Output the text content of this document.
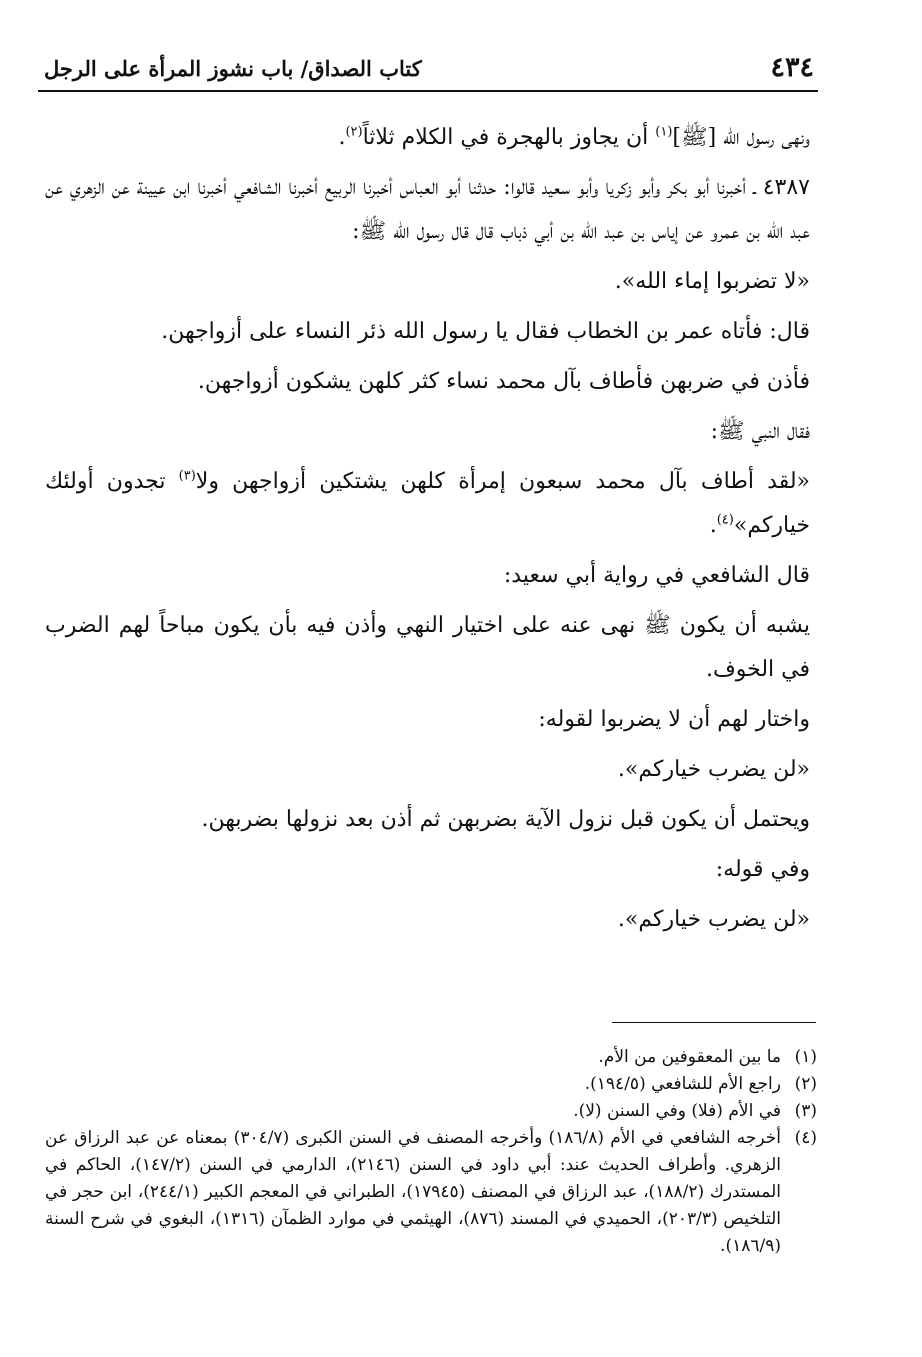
٤٣٤
كتاب الصداق/ باب نشوز المرأة على الرجل

ونهى رسول الله [ﷺ]$^{(١)}$ أن يجاوز بالهجرة في الكلام ثلاثاً$^{(٢)}$.

٤٣٨٧ ـ أخبرنا أبو بكر وأبو زكريا وأبو سعيد قالوا: حدثنا أبو العباس أخبرنا الربيع أخبرنا الشافعي أخبرنا ابن عيينة عن الزهري عن عبد الله بن عمرو عن إياس بن عبد الله بن أبي ذباب قال قال رسول الله ﷺ:

«لا تضربوا إماء الله».

قال: فأتاه عمر بن الخطاب فقال يا رسول الله ذئر النساء على أزواجهن.

فأذن في ضربهن فأطاف بآل محمد نساء كثر كلهن يشكون أزواجهن.

فقال النبي ﷺ:

«لقد أطاف بآل محمد سبعون إمرأة كلهن يشتكين أزواجهن ولا$^{(٣)}$ تجدون أولئك خياركم»$^{(٤)}$.

قال الشافعي في رواية أبي سعيد:

يشبه أن يكون ﷺ نهى عنه على اختيار النهي وأذن فيه بأن يكون مباحاً لهم الضرب في الخوف.

واختار لهم أن لا يضربوا لقوله:

«لن يضرب خياركم».

ويحتمل أن يكون قبل نزول الآية بضربهن ثم أذن بعد نزولها بضربهن.

وفي قوله:

«لن يضرب خياركم».

(١)
ما بين المعقوفين من الأم.

(٢)
راجع الأم للشافعي (١٩٤/٥).

(٣)
في الأم (فلا) وفي السنن (لا).

(٤)
أخرجه الشافعي في الأم (١٨٦/٨) وأخرجه المصنف في السنن الكبرى (٣٠٤/٧) بمعناه عن عبد الرزاق عن الزهري. وأطراف الحديث عند: أبي داود في السنن (٢١٤٦)، الدارمي في السنن (١٤٧/٢)، الحاكم في المستدرك (١٨٨/٢)، عبد الرزاق في المصنف (١٧٩٤٥)، الطبراني في المعجم الكبير (٢٤٤/١)، ابن حجر في التلخيص (٢٠٣/٣)، الحميدي في المسند (٨٧٦)، الهيثمي في موارد الظمآن (١٣١٦)، البغوي في شرح السنة (١٨٦/٩).
